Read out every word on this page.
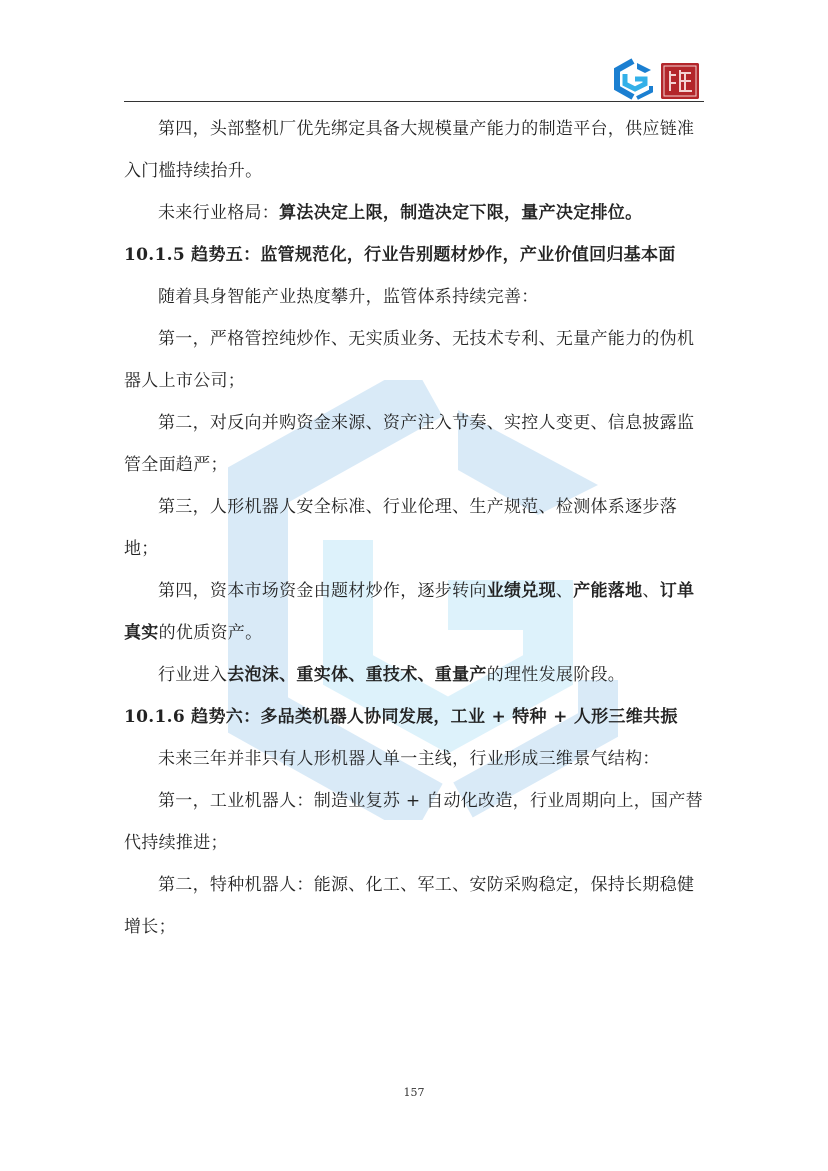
第四，头部整机厂优先绑定具备大规模量产能力的制造平台，供应链准入门槛持续抬升。

未来行业格局：算法决定上限，制造决定下限，量产决定排位。

10.1.5 趋势五：监管规范化，行业告别题材炒作，产业价值回归基本面

随着具身智能产业热度攀升，监管体系持续完善：

第一，严格管控纯炒作、无实质业务、无技术专利、无量产能力的伪机器人上市公司；

第二，对反向并购资金来源、资产注入节奏、实控人变更、信息披露监管全面趋严；

第三，人形机器人安全标准、行业伦理、生产规范、检测体系逐步落地；

第四，资本市场资金由题材炒作，逐步转向业绩兑现、产能落地、订单真实的优质资产。

行业进入去泡沫、重实体、重技术、重量产的理性发展阶段。

10.1.6 趋势六：多品类机器人协同发展，工业 + 特种 + 人形三维共振

未来三年并非只有人形机器人单一主线，行业形成三维景气结构：

第一，工业机器人：制造业复苏 + 自动化改造，行业周期向上，国产替代持续推进；

第二，特种机器人：能源、化工、军工、安防采购稳定，保持长期稳健增长；

157
